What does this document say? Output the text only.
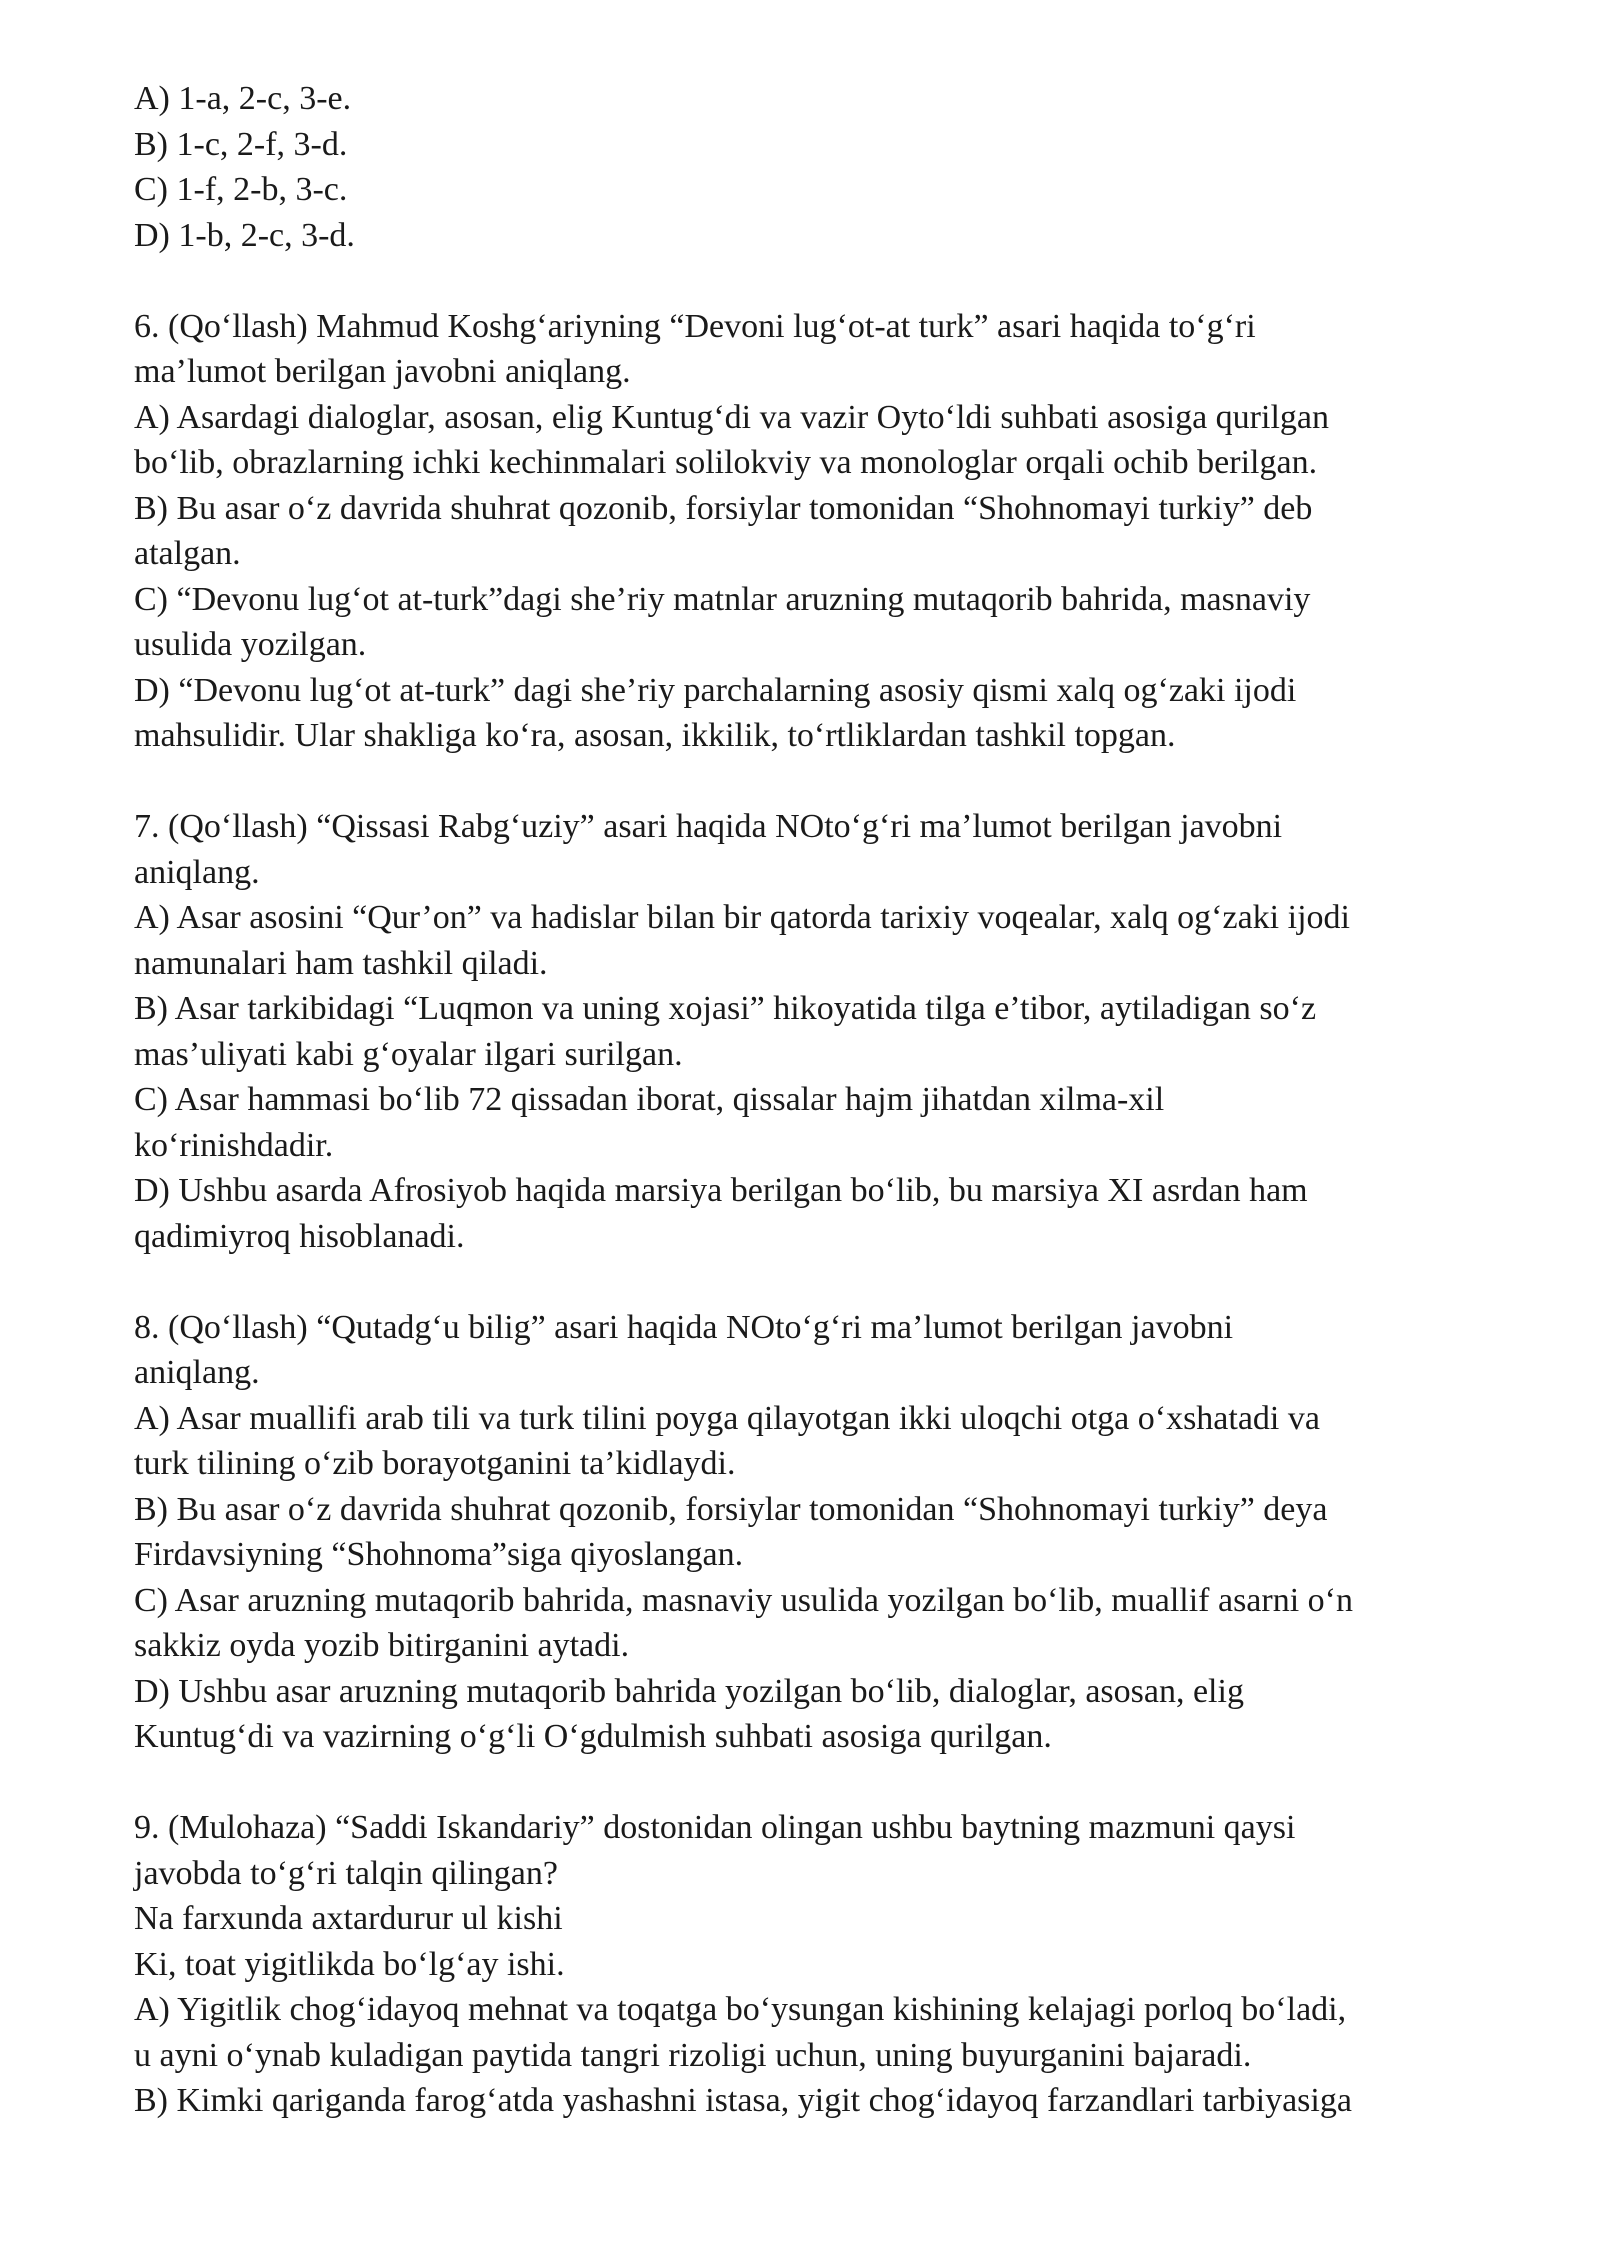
A) 1-a, 2-c, 3-e.
B) 1-c, 2-f, 3-d.
C) 1-f, 2-b, 3-c.
D) 1-b, 2-c, 3-d.
6. (Qo‘llash) Mahmud Koshg‘ariyning “Devoni lug‘ot-at turk” asari haqida to‘g‘ri
ma’lumot berilgan javobni aniqlang.
A) Asardagi dialoglar, asosan, elig Kuntug‘di va vazir Oyto‘ldi suhbati asosiga qurilgan
bo‘lib, obrazlarning ichki kechinmalari solilokviy va monologlar orqali ochib berilgan.
B) Bu asar o‘z davrida shuhrat qozonib, forsiylar tomonidan “Shohnomayi turkiy” deb
atalgan.
C) “Devonu lug‘ot at-turk”dagi she’riy matnlar aruzning mutaqorib bahrida, masnaviy
usulida yozilgan.
D) “Devonu lug‘ot at-turk” dagi she’riy parchalarning asosiy qismi xalq og‘zaki ijodi
mahsulidir. Ular shakliga ko‘ra, asosan, ikkilik, to‘rtliklardan tashkil topgan.
7. (Qo‘llash) “Qissasi Rabg‘uziy” asari haqida NOto‘g‘ri ma’lumot berilgan javobni
aniqlang.
A) Asar asosini “Qur’on” va hadislar bilan bir qatorda tarixiy voqealar, xalq og‘zaki ijodi
namunalari ham tashkil qiladi.
B) Asar tarkibidagi “Luqmon va uning xojasi” hikoyatida tilga e’tibor, aytiladigan so‘z
mas’uliyati kabi g‘oyalar ilgari surilgan.
C) Asar hammasi bo‘lib 72 qissadan iborat, qissalar hajm jihatdan xilma-xil
ko‘rinishdadir.
D) Ushbu asarda Afrosiyob haqida marsiya berilgan bo‘lib, bu marsiya XI asrdan ham
qadimiyroq hisoblanadi.
8. (Qo‘llash) “Qutadg‘u bilig” asari haqida NOto‘g‘ri ma’lumot berilgan javobni
aniqlang.
A) Asar muallifi arab tili va turk tilini poyga qilayotgan ikki uloqchi otga o‘xshatadi va
turk tilining o‘zib borayotganini ta’kidlaydi.
B) Bu asar o‘z davrida shuhrat qozonib, forsiylar tomonidan “Shohnomayi turkiy” deya
Firdavsiyning “Shohnoma”siga qiyoslangan.
C) Asar aruzning mutaqorib bahrida, masnaviy usulida yozilgan bo‘lib, muallif asarni o‘n
sakkiz oyda yozib bitirganini aytadi.
D) Ushbu asar aruzning mutaqorib bahrida yozilgan bo‘lib, dialoglar, asosan, elig
Kuntug‘di va vazirning o‘g‘li O‘gdulmish suhbati asosiga qurilgan.
9. (Mulohaza) “Saddi Iskandariy” dostonidan olingan ushbu baytning mazmuni qaysi
javobda to‘g‘ri talqin qilingan?
Na farxunda axtardurur ul kishi
Ki, toat yigitlikda bo‘lg‘ay ishi.
A) Yigitlik chog‘idayoq mehnat va toqatga bo‘ysungan kishining kelajagi porloq bo‘ladi,
u ayni o‘ynab kuladigan paytida tangri rizoligi uchun, uning buyurganini bajaradi.
B) Kimki qariganda farog‘atda yashashni istasa, yigit chog‘idayoq farzandlari tarbiyasiga
